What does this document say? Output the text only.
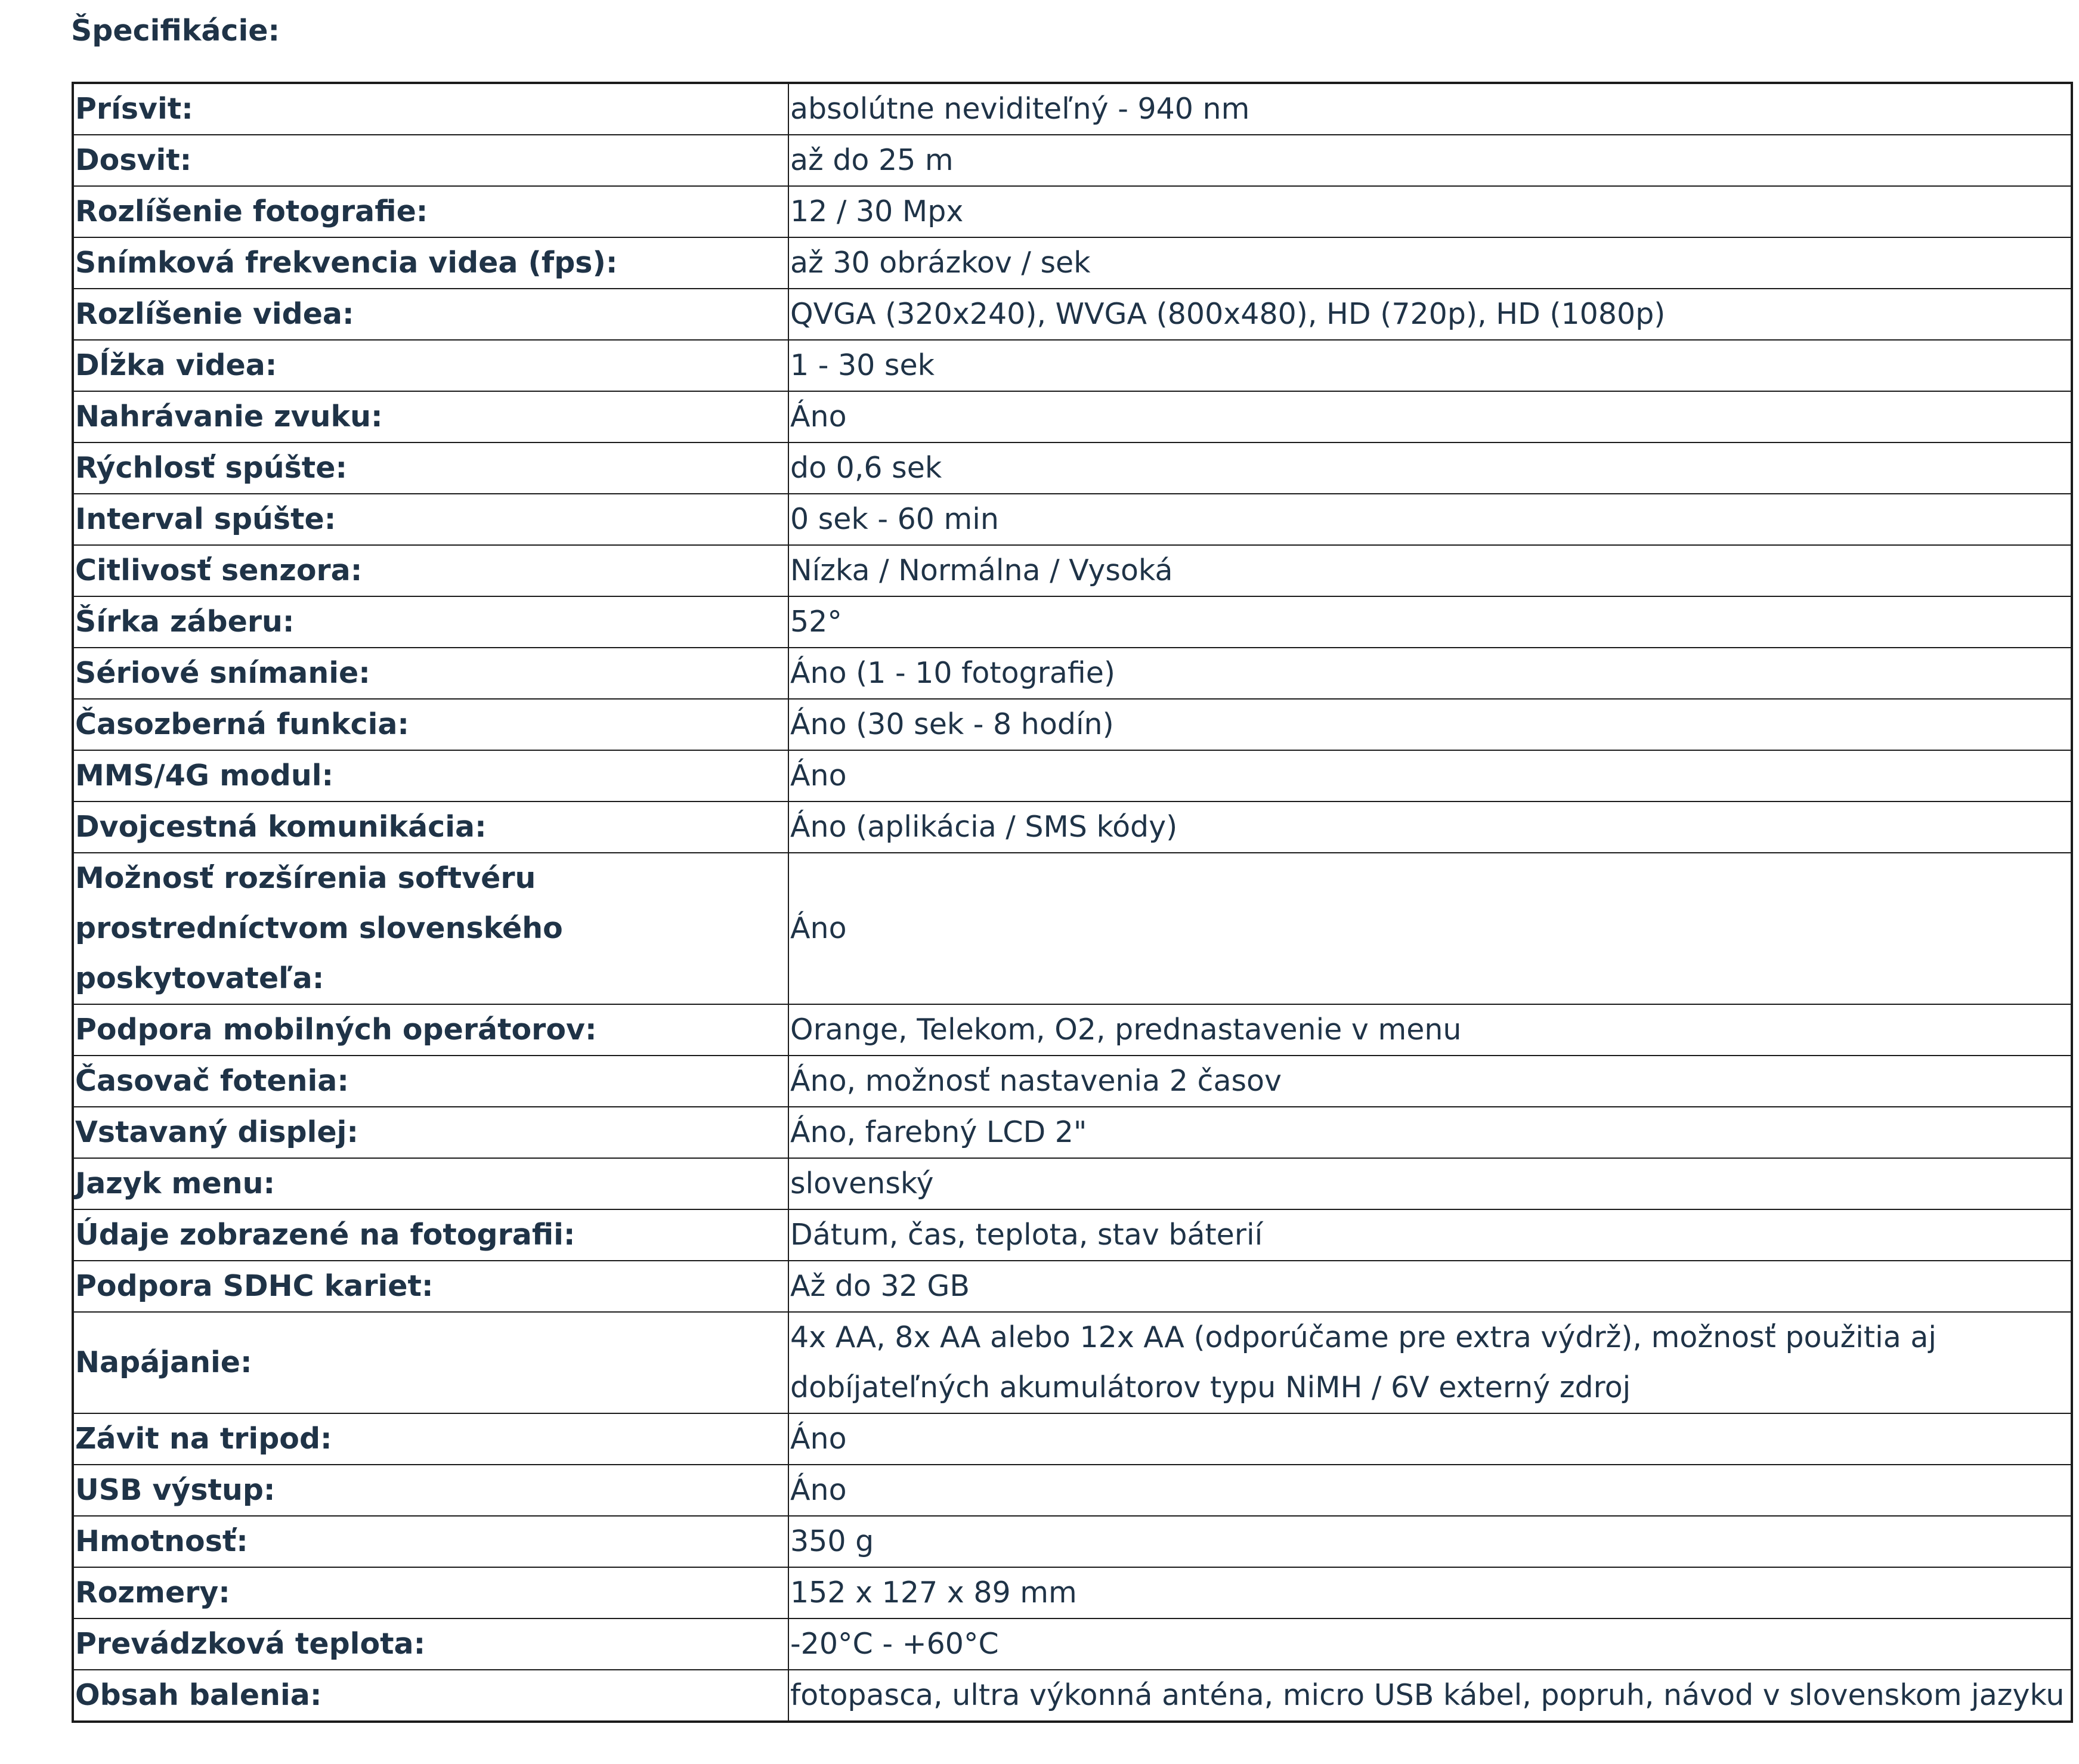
Špecifikácie:
Prísvit:	absolútne neviditeľný - 940 nm
Dosvit:	až do 25 m
Rozlíšenie fotografie:	12 / 30 Mpx
Snímková frekvencia videa (fps):	až 30 obrázkov / sek
Rozlíšenie videa:	QVGA (320x240), WVGA (800x480), HD (720p), HD (1080p)
Dĺžka videa:	1 - 30 sek
Nahrávanie zvuku:	Áno
Rýchlosť spúšte:	do 0,6 sek
Interval spúšte:	0 sek - 60 min
Citlivosť senzora:	Nízka / Normálna / Vysoká
Šírka záberu:	52°
Sériové snímanie:	Áno (1 - 10 fotografie)
Časozberná funkcia:	Áno (30 sek - 8 hodín)
MMS/4G modul:	Áno
Dvojcestná komunikácia:	Áno (aplikácia / SMS kódy)
Možnosť rozšírenia softvéru prostredníctvom slovenského poskytovateľa:	Áno
Podpora mobilných operátorov:	Orange, Telekom, O2, prednastavenie v menu
Časovač fotenia:	Áno, možnosť nastavenia 2 časov
Vstavaný displej:	Áno, farebný LCD 2"
Jazyk menu:	slovenský
Údaje zobrazené na fotografii:	Dátum, čas, teplota, stav báterií
Podpora SDHC kariet:	Až do 32 GB
Napájanie:	4x AA, 8x AA alebo 12x AA (odporúčame pre extra výdrž), možnosť použitia aj dobíjateľných akumulátorov typu NiMH / 6V externý zdroj
Závit na tripod:	Áno
USB výstup:	Áno
Hmotnosť:	350 g
Rozmery:	152 x 127 x 89 mm
Prevádzková teplota:	-20°C - +60°C
Obsah balenia:	fotopasca, ultra výkonná anténa, micro USB kábel, popruh, návod v slovenskom jazyku
